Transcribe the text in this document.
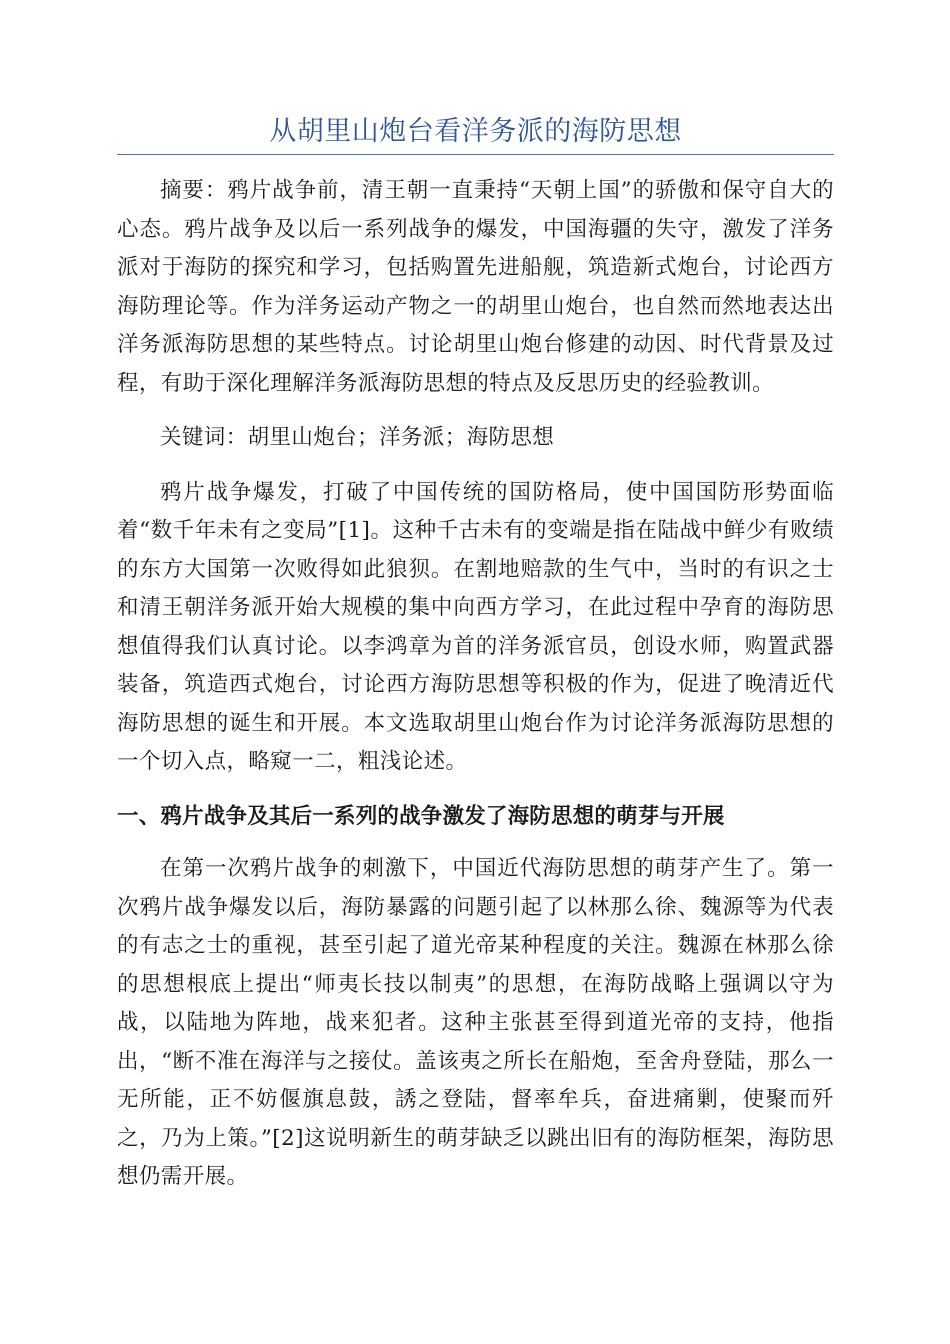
从胡里山炮台看洋务派的海防思想

摘要：鸦片战争前，清王朝一直秉持“天朝上国”的骄傲和保守自大的心态。鸦片战争及以后一系列战争的爆发，中国海疆的失守，激发了洋务派对于海防的探究和学习，包括购置先进船舰，筑造新式炮台，讨论西方海防理论等。作为洋务运动产物之一的胡里山炮台，也自然而然地表达出洋务派海防思想的某些特点。讨论胡里山炮台修建的动因、时代背景及过程，有助于深化理解洋务派海防思想的特点及反思历史的经验教训。

关键词：胡里山炮台；洋务派；海防思想

鸦片战争爆发，打破了中国传统的国防格局，使中国国防形势面临着“数千年未有之变局”[1]。这种千古未有的变端是指在陆战中鲜少有败绩的东方大国第一次败得如此狼狈。在割地赔款的生气中，当时的有识之士和清王朝洋务派开始大规模的集中向西方学习，在此过程中孕育的海防思想值得我们认真讨论。以李鸿章为首的洋务派官员，创设水师，购置武器装备，筑造西式炮台，讨论西方海防思想等积极的作为，促进了晚清近代海防思想的诞生和开展。本文选取胡里山炮台作为讨论洋务派海防思想的一个切入点，略窥一二，粗浅论述。

一、鸦片战争及其后一系列的战争激发了海防思想的萌芽与开展

在第一次鸦片战争的刺激下，中国近代海防思想的萌芽产生了。第一次鸦片战争爆发以后，海防暴露的问题引起了以林那么徐、魏源等为代表的有志之士的重视，甚至引起了道光帝某种程度的关注。魏源在林那么徐的思想根底上提出“师夷长技以制夷”的思想，在海防战略上强调以守为战，以陆地为阵地，战来犯者。这种主张甚至得到道光帝的支持，他指出，“断不准在海洋与之接仗。盖该夷之所长在船炮，至舍舟登陆，那么一无所能，正不妨偃旗息鼓，誘之登陆，督率牟兵，奋进痛剿，使聚而歼之，乃为上策。”[2]这说明新生的萌芽缺乏以跳出旧有的海防框架，海防思想仍需开展。
